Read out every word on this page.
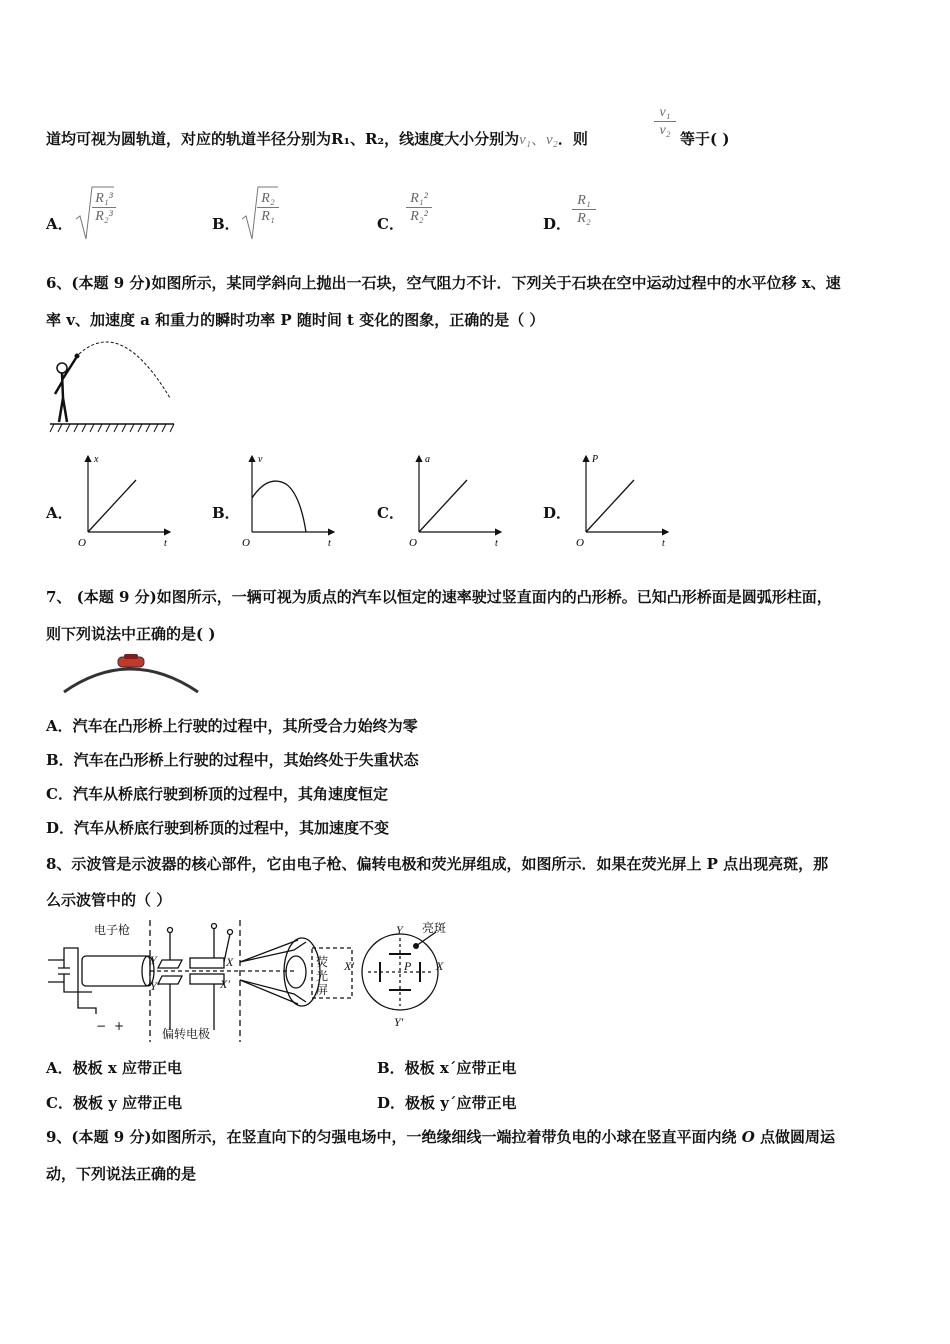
道均可视为圆轨道，对应的轨道半径分别为R₁、R₂，线速度大小分别为v₁、v₂．则	$\frac{\text{v₁}}{\text{v₂}}$ 等于( )
A． $\frac{\text{R₁³}}{\text{R₂³}}$	B． $\frac{\text{R₂}}{\text{R₁}}$	C． $\frac{\text{R₁²}}{\text{R₂²}}$	D． $\frac{\text{R₁}}{\text{R₂}}$
6、(本题 9 分)如图所示，某同学斜向上抛出一石块，空气阻力不计．下列关于石块在空中运动过程中的水平位移 x、速
率 v、加速度 a 和重力的瞬时功率 P 随时间 t 变化的图象，正确的是（ ）
A．
x
t
O
B．
v
t
O
C．
a
t
O
D．
P
t
O
7、 (本题 9 分)如图所示，一辆可视为质点的汽车以恒定的速率驶过竖直面内的凸形桥。已知凸形桥面是圆弧形柱面，
则下列说法中正确的是( )
A．汽车在凸形桥上行驶的过程中，其所受合力始终为零
B．汽车在凸形桥上行驶的过程中，其始终处于失重状态
C．汽车从桥底行驶到桥顶的过程中，其角速度恒定
D．汽车从桥底行驶到桥顶的过程中，其加速度不变
8、示波管是示波器的核心部件，它由电子枪、偏转电极和荧光屏组成，如图所示．如果在荧光屏上 P 点出现亮斑，那
么示波管中的（ ）
电子枪
偏转电极
荧
光
屏
亮斑
− +
Y
Y′
X
X′
Y
Y′
X′	X
P
A．极板 x 应带正电	B．极板 x´应带正电
C．极板 y 应带正电	D．极板 y´应带正电
9、(本题 9 分)如图所示，在竖直向下的匀强电场中，一绝缘细线一端拉着带负电的小球在竖直平面内绕 O 点做圆周运
动，下列说法正确的是
